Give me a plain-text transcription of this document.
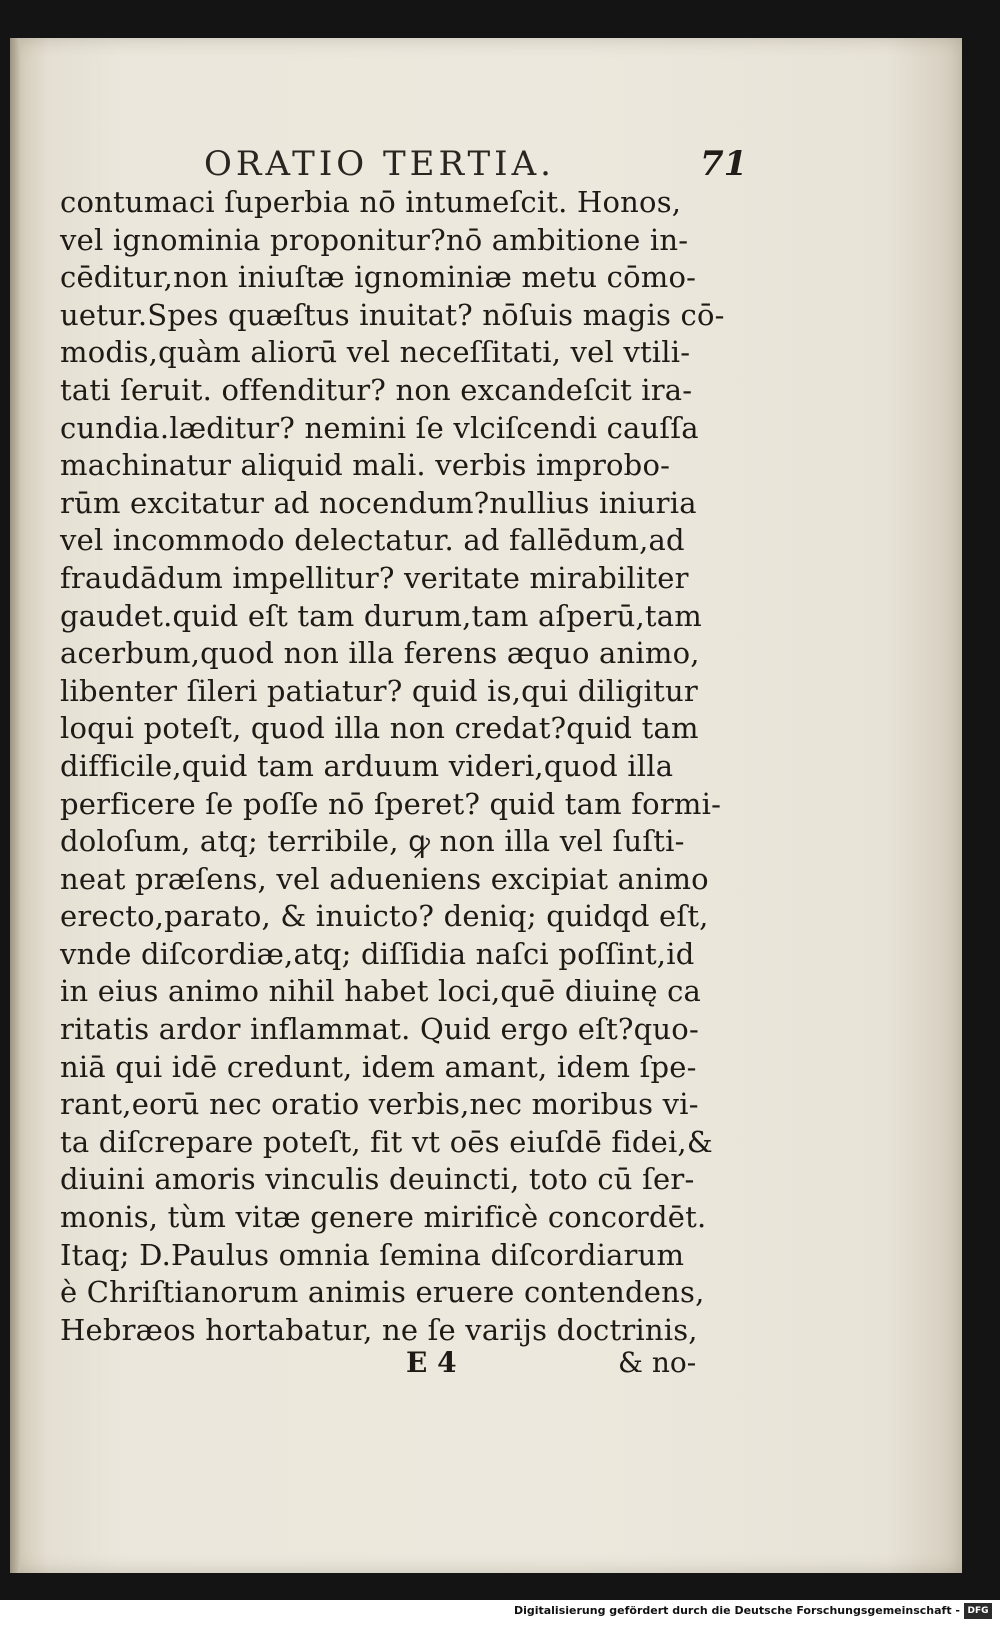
ORATIO TERTIA.	71
contumaci ſuperbia nō intumeſcit. Honos,
vel ignominia proponitur?nō ambitione in-
cēditur,non iniuſtæ ignominiæ metu cōmo-
uetur.Spes quæſtus inuitat? nōſuis magis cō-
modis,quàm aliorū vel neceſſitati, vel vtili-
tati ſeruit. offenditur? non excandeſcit ira-
cundia.læditur? nemini ſe vlciſcendi cauſſa
machinatur aliquid mali. verbis improbo-
rūm excitatur ad nocendum?nullius iniuria
vel incommodo delectatur. ad fallēdum,ad
fraudādum impellitur? veritate mirabiliter
gaudet.quid eſt tam durum,tam aſperū,tam
acerbum,quod non illa ferens æquo animo,
libenter ſileri patiatur? quid is,qui diligitur
loqui poteſt, quod illa non credat?quid tam
difficile,quid tam arduum videri,quod illa
perficere ſe poſſe nō ſperet? quid tam formi-
doloſum, atq; terribile, ꝙ non illa vel ſuſti-
neat præſens, vel adueniens excipiat animo
erecto,parato, & inuicto? deniq; quidqd eſt,
vnde diſcordiæ,atq; diſſidia naſci poſſint,id
in eius animo nihil habet loci,quē diuinę ca
ritatis ardor inflammat. Quid ergo eſt?quo-
niā qui idē credunt, idem amant, idem ſpe-
rant,eorū nec oratio verbis,nec moribus vi-
ta diſcrepare poteſt, fit vt oēs eiuſdē fidei,&
diuini amoris vinculis deuincti, toto cū ſer-
monis, tùm vitæ genere mirificè concordēt.
Itaq; D.Paulus omnia ſemina diſcordiarum
è Chriſtianorum animis eruere contendens,
Hebræos hortabatur, ne ſe varijs doctrinis,
E 4	& no-
Digitalisierung gefördert durch die Deutsche Forschungsgemeinschaft - DFG
